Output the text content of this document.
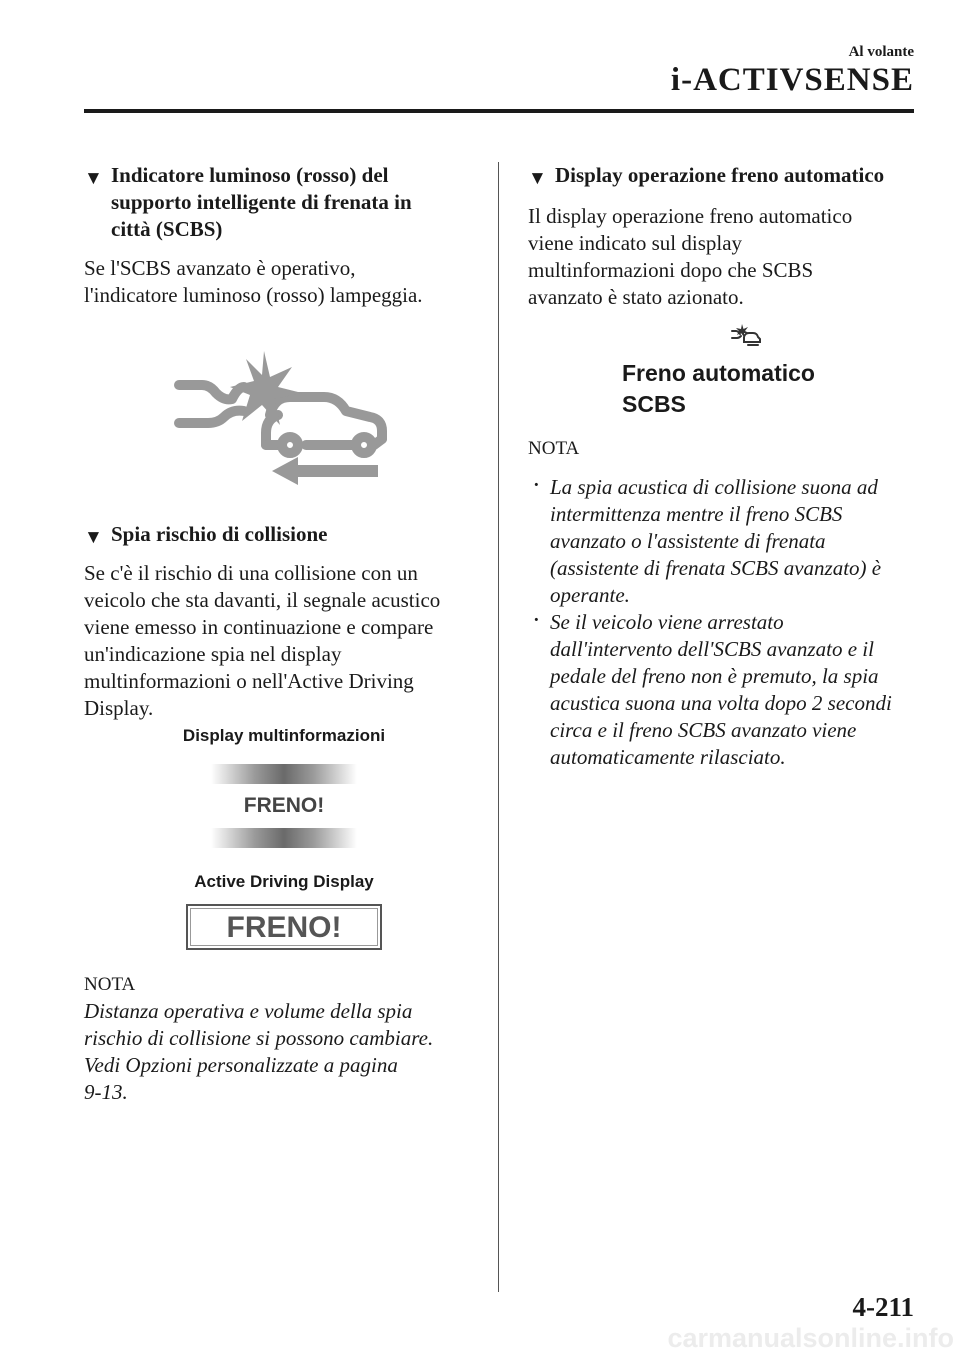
Al volante
i-ACTIVSENSE
▼ Indicatore luminoso (rosso) del
supporto intelligente di frenata in
città (SCBS)

Se l'SCBS avanzato è operativo,
l'indicatore luminoso (rosso) lampeggia.

▼ Spia rischio di collisione

Se c'è il rischio di una collisione con un
veicolo che sta davanti, il segnale acustico
viene emesso in continuazione e compare
un'indicazione spia nel display
multinformazioni o nell'Active Driving
Display.

Display multinformazioni
FRENO!
Active Driving Display
FRENO!
NOTA

Distanza operativa e volume della spia
rischio di collisione si possono cambiare.
Vedi Opzioni personalizzate a pagina
9-13.

▼ Display operazione freno automatico

Il display operazione freno automatico
viene indicato sul display
multinformazioni dopo che SCBS
avanzato è stato azionato.

Freno automatico
SCBS
NOTA
· La spia acustica di collisione suona ad
intermittenza mentre il freno SCBS
avanzato o l'assistente di frenata
(assistente di frenata SCBS avanzato) è
operante.
· Se il veicolo viene arrestato
dall'intervento dell'SCBS avanzato e il
pedale del freno non è premuto, la spia
acustica suona una volta dopo 2 secondi
circa e il freno SCBS avanzato viene
automaticamente rilasciato.
4-211
carmanualsonline.info
